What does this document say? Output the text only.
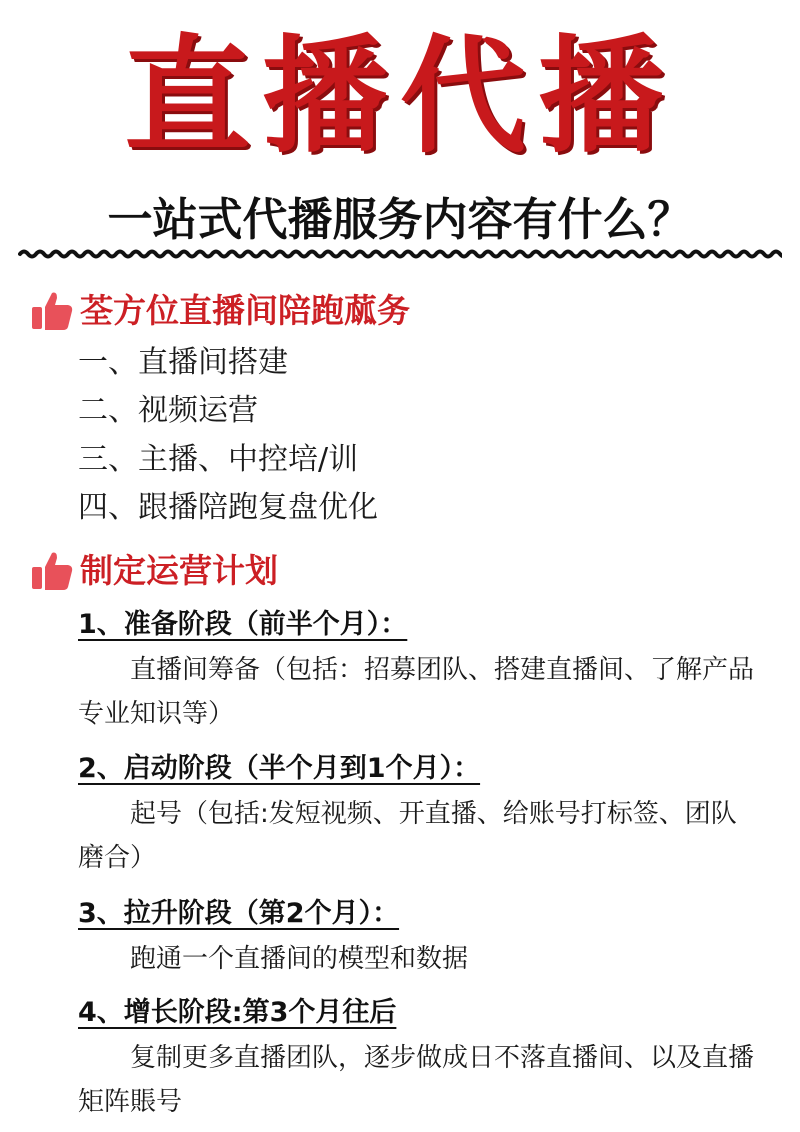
直播代播
一站式代播服务内容有什么？
荃方位直播间陪跑蓏务
一、直播间搭建
二、视频运营
三、主播、中控培/训
四、跟播陪跑复盘优化
制定运营计划
1、准备阶段（前半个月）：
直播间筹备（包括：招募团队、搭建直播间、了解产品专业知识等）
2、启动阶段（半个月到1个月）：
起号（包括:发短视频、开直播、给账号打标签、团队磨合）
3、拉升阶段（第2个月）：
跑通一个直播间的模型和数据
4、增长阶段:第3个月往后
复制更多直播团队，逐步做成日不落直播间、以及直播矩阵賬号
